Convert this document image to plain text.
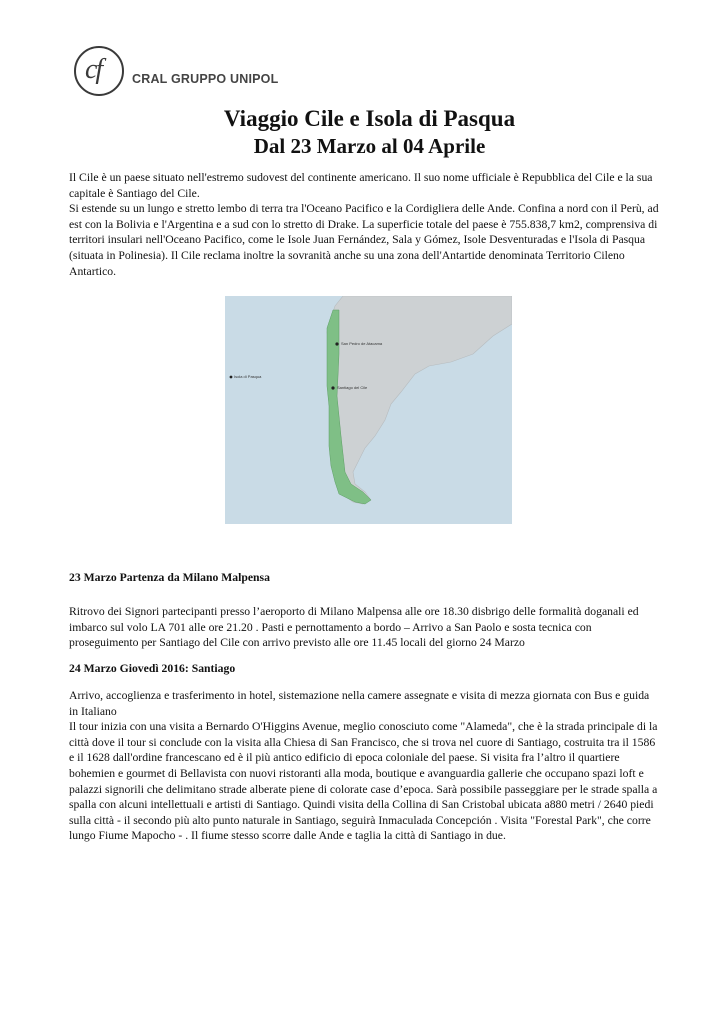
cf CRAL GRUPPO UNIPOL
Viaggio Cile e Isola di Pasqua
Dal 23 Marzo al 04 Aprile

Il Cile è un paese situato nell'estremo sudovest del continente americano. Il suo nome ufficiale è Repubblica del Cile e la sua capitale è Santiago del Cile.

Si estende su un lungo e stretto lembo di terra tra l'Oceano Pacifico e la Cordigliera delle Ande. Confina a nord con il Perù, ad est con la Bolivia e l'Argentina e a sud con lo stretto di Drake. La superficie totale del paese è 755.838,7 km2, comprensiva di territori insulari nell'Oceano Pacifico, come le Isole Juan Fernández, Sala y Gómez, Isole Desventuradas e l'Isola di Pasqua (situata in Polinesia). Il Cile reclama inoltre la sovranità anche su una zona dell'Antartide denominata Territorio Cileno Antartico.

San Pedro de Atacama
Santiago del Cile
Isola di Pasqua

23 Marzo Partenza da Milano Malpensa

Ritrovo dei Signori partecipanti presso l’aeroporto di Milano Malpensa alle ore 18.30 disbrigo delle formalità doganali ed imbarco sul volo LA 701 alle ore 21.20 . Pasti e pernottamento a bordo – Arrivo a San Paolo e sosta tecnica con proseguimento per Santiago del Cile con arrivo previsto alle ore 11.45 locali del giorno 24 Marzo

24 Marzo Giovedì 2016: Santiago

Arrivo, accoglienza e trasferimento in hotel, sistemazione nella camere assegnate e visita di mezza giornata con Bus e guida in Italiano

Il tour inizia con una visita a Bernardo O'Higgins Avenue, meglio conosciuto come "Alameda", che è la strada principale di la città dove il tour si conclude con la visita alla Chiesa di San Francisco, che si trova nel cuore di Santiago, costruita tra il 1586 e il 1628 dall'ordine francescano ed è il più antico edificio di epoca coloniale del paese. Si visita fra l’altro il quartiere bohemien e gourmet di Bellavista con nuovi ristoranti alla moda, boutique e avanguardia gallerie che occupano spazi loft e palazzi signorili che delimitano strade alberate piene di colorate case d’epoca. Sarà possibile passeggiare per le strade spalla a spalla con alcuni intellettuali e artisti di Santiago. Quindi visita della Collina di San Cristobal ubicata a880 metri / 2640 piedi sulla città - il secondo più alto punto naturale in Santiago, seguirà Inmaculada Concepción . Visita "Forestal Park", che corre lungo Fiume Mapocho - . Il fiume stesso scorre dalle Ande e taglia la città di Santiago in due.
